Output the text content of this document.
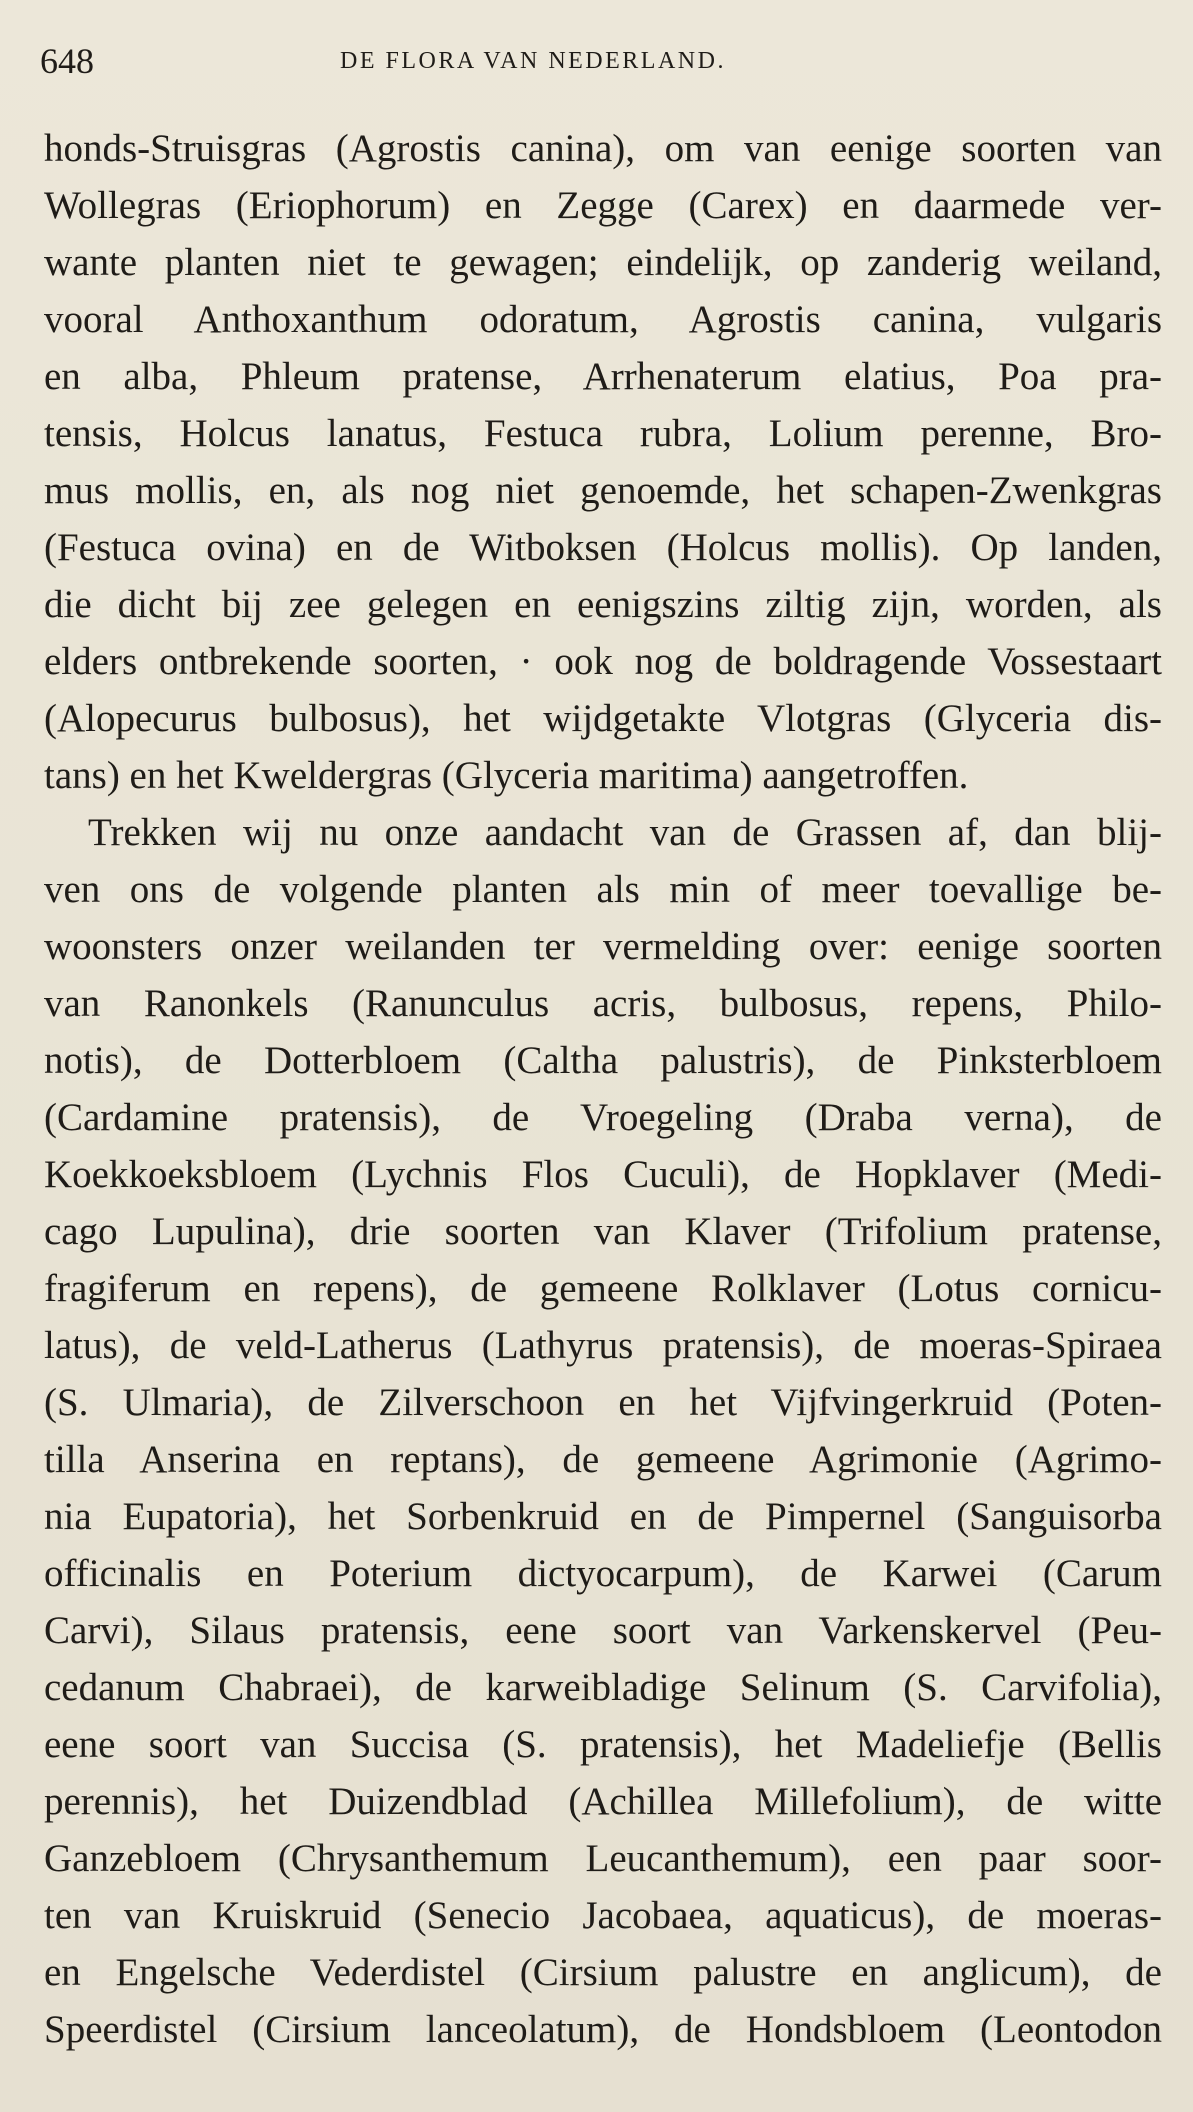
648	DE FLORA VAN NEDERLAND.
honds-Struisgras (Agrostis canina), om van eenige soorten van
Wollegras (Eriophorum) en Zegge (Carex) en daarmede ver-
wante planten niet te gewagen; eindelijk, op zanderig weiland,
vooral Anthoxanthum odoratum, Agrostis canina, vulgaris
en alba, Phleum pratense, Arrhenaterum elatius, Poa pra-
tensis, Holcus lanatus, Festuca rubra, Lolium perenne, Bro-
mus mollis, en, als nog niet genoemde, het schapen-Zwenkgras
(Festuca ovina) en de Witboksen (Holcus mollis). Op landen,
die dicht bij zee gelegen en eenigszins ziltig zijn, worden, als
elders ontbrekende soorten, · ook nog de boldragende Vossestaart
(Alopecurus bulbosus), het wijdgetakte Vlotgras (Glyceria dis-
tans) en het Kweldergras (Glyceria maritima) aangetroffen.
Trekken wij nu onze aandacht van de Grassen af, dan blij-
ven ons de volgende planten als min of meer toevallige be-
woonsters onzer weilanden ter vermelding over: eenige soorten
van Ranonkels (Ranunculus acris, bulbosus, repens, Philo-
notis), de Dotterbloem (Caltha palustris), de Pinksterbloem
(Cardamine pratensis), de Vroegeling (Draba verna), de
Koekkoeksbloem (Lychnis Flos Cuculi), de Hopklaver (Medi-
cago Lupulina), drie soorten van Klaver (Trifolium pratense,
fragiferum en repens), de gemeene Rolklaver (Lotus cornicu-
latus), de veld-Latherus (Lathyrus pratensis), de moeras-Spiraea
(S. Ulmaria), de Zilverschoon en het Vijfvingerkruid (Poten-
tilla Anserina en reptans), de gemeene Agrimonie (Agrimo-
nia Eupatoria), het Sorbenkruid en de Pimpernel (Sanguisorba
officinalis en Poterium dictyocarpum), de Karwei (Carum
Carvi), Silaus pratensis, eene soort van Varkenskervel (Peu-
cedanum Chabraei), de karweibladige Selinum (S. Carvifolia),
eene soort van Succisa (S. pratensis), het Madeliefje (Bellis
perennis), het Duizendblad (Achillea Millefolium), de witte
Ganzebloem (Chrysanthemum Leucanthemum), een paar soor-
ten van Kruiskruid (Senecio Jacobaea, aquaticus), de moeras-
en Engelsche Vederdistel (Cirsium palustre en anglicum), de
Speerdistel (Cirsium lanceolatum), de Hondsbloem (Leontodon
